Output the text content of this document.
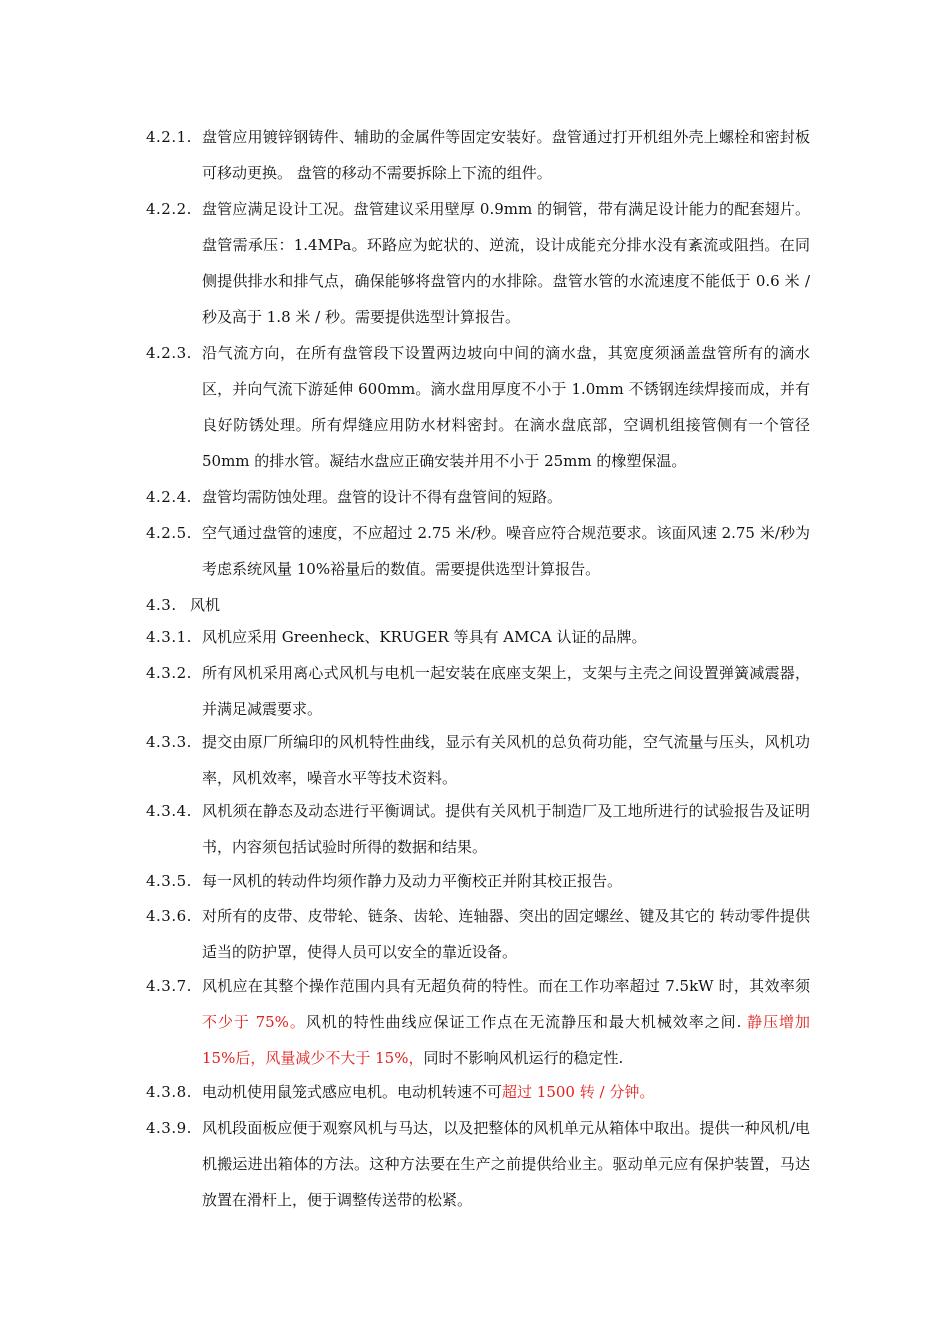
4.2.1. 盘管应用镀锌钢铸件、辅助的金属件等固定安装好。盘管通过打开机组外壳上螺栓和密封板可移动更换。 盘管的移动不需要拆除上下流的组件。
4.2.2. 盘管应满足设计工况。盘管建议采用壁厚 0.9mm 的铜管，带有满足设计能力的配套翅片。盘管需承压：1.4MPa。环路应为蛇状的、逆流，设计成能充分排水没有紊流或阻挡。在同侧提供排水和排气点，确保能够将盘管内的水排除。盘管水管的水流速度不能低于 0.6 米 / 秒及高于 1.8 米 / 秒。需要提供选型计算报告。
4.2.3. 沿气流方向，在所有盘管段下设置两边坡向中间的滴水盘，其宽度须涵盖盘管所有的滴水区，并向气流下游延伸 600mm。滴水盘用厚度不小于 1.0mm 不锈钢连续焊接而成，并有良好防锈处理。所有焊缝应用防水材料密封。在滴水盘底部，空调机组接管侧有一个管径 50mm 的排水管。凝结水盘应正确安装并用不小于 25mm 的橡塑保温。
4.2.4. 盘管均需防蚀处理。盘管的设计不得有盘管间的短路。
4.2.5. 空气通过盘管的速度，不应超过 2.75 米/秒。噪音应符合规范要求。该面风速 2.75 米/秒为考虑系统风量 10%裕量后的数值。需要提供选型计算报告。
4.3. 风机
4.3.1. 风机应采用 Greenheck、KRUGER 等具有 AMCA 认证的品牌。
4.3.2. 所有风机采用离心式风机与电机一起安装在底座支架上，支架与主壳之间设置弹簧减震器，并满足减震要求。
4.3.3. 提交由原厂所编印的风机特性曲线，显示有关风机的总负荷功能，空气流量与压头，风机功率，风机效率，噪音水平等技术资料。
4.3.4. 风机须在静态及动态进行平衡调试。提供有关风机于制造厂及工地所进行的试验报告及证明书，内容须包括试验时所得的数据和结果。
4.3.5. 每一风机的转动件均须作静力及动力平衡校正并附其校正报告。
4.3.6. 对所有的皮带、皮带轮、链条、齿轮、连轴器、突出的固定螺丝、键及其它的 转动零件提供适当的防护罩，使得人员可以安全的靠近设备。
4.3.7. 风机应在其整个操作范围内具有无超负荷的特性。而在工作功率超过 7.5kW 时，其效率须不少于 75%。风机的特性曲线应保证工作点在无流静压和最大机械效率之间. 静压增加 15%后，风量减少不大于 15%，同时不影响风机运行的稳定性.
4.3.8. 电动机使用鼠笼式感应电机。电动机转速不可超过 1500 转 / 分钟。
4.3.9. 风机段面板应便于观察风机与马达，以及把整体的风机单元从箱体中取出。提供一种风机/电机搬运进出箱体的方法。这种方法要在生产之前提供给业主。驱动单元应有保护装置，马达放置在滑杆上，便于调整传送带的松紧。
